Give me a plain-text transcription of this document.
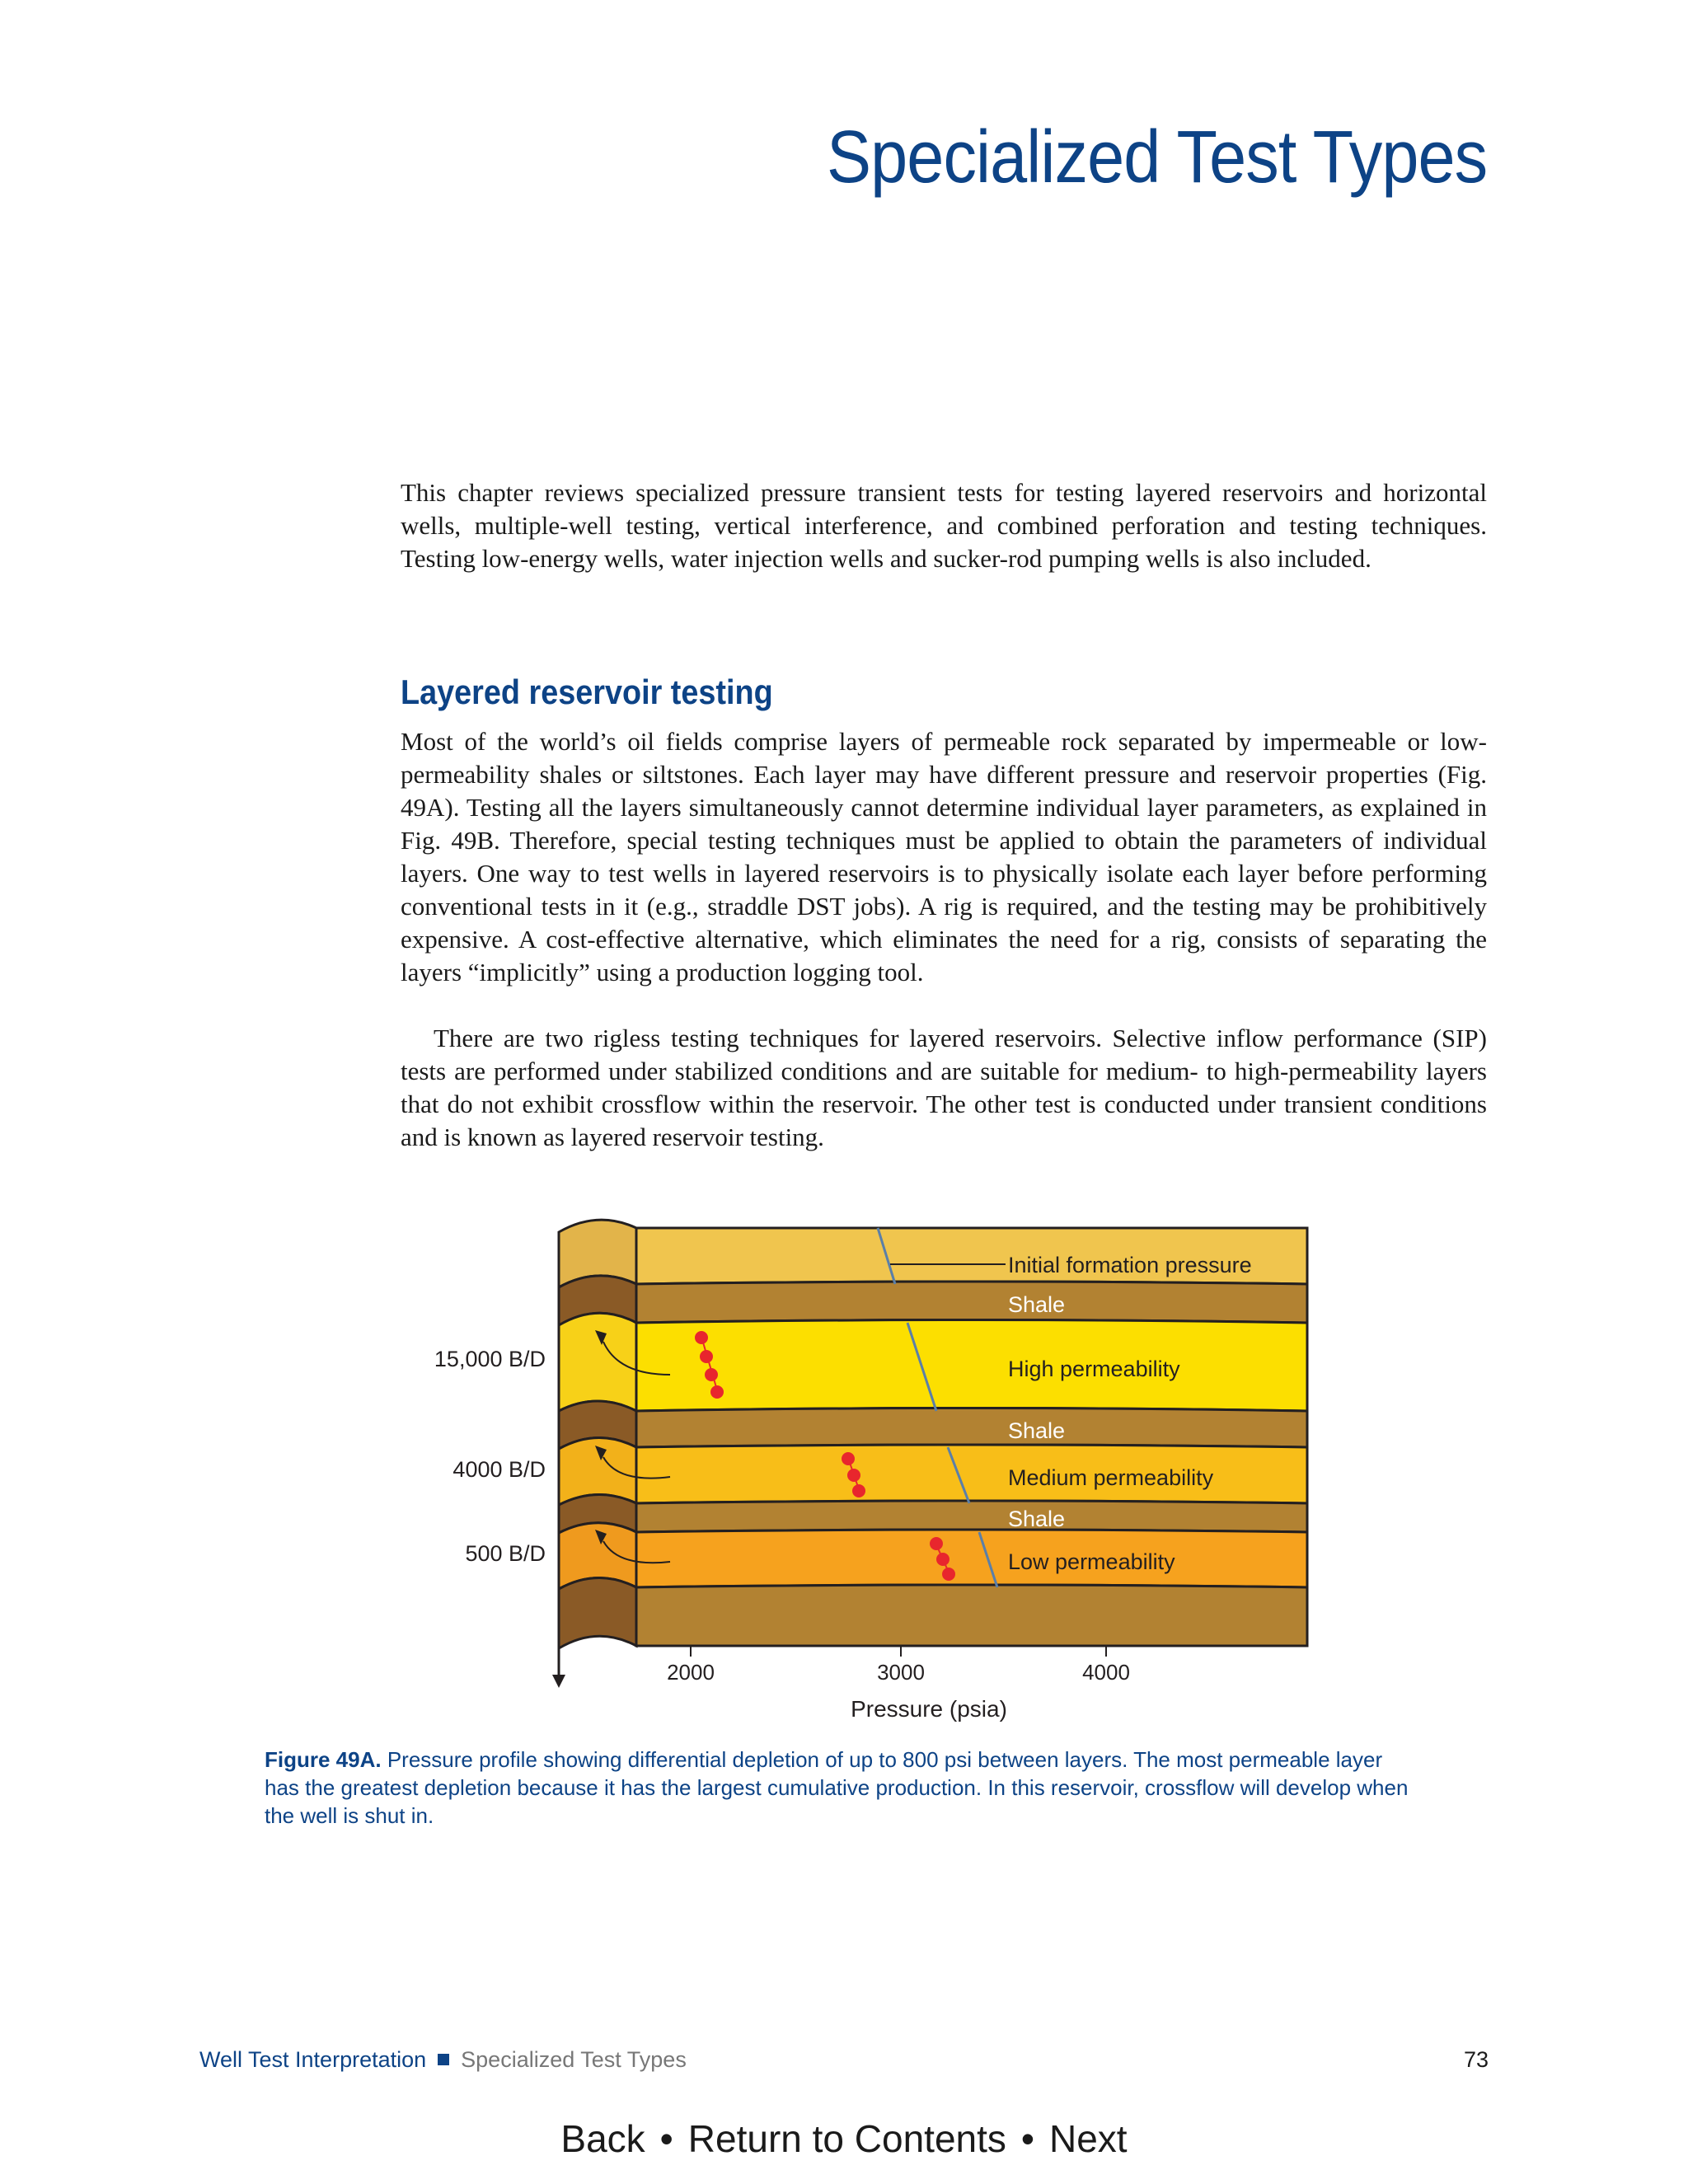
Specialized Test Types

This chapter reviews specialized pressure transient tests for testing layered reservoirs and horizontal wells, multiple-well testing, vertical interference, and combined perforation and testing techniques. Testing low-energy wells, water injection wells and sucker-rod pumping wells is also included.

Layered reservoir testing

Most of the world’s oil fields comprise layers of permeable rock separated by impermeable or low-permeability shales or siltstones. Each layer may have different pressure and reservoir properties (Fig. 49A). Testing all the layers simultaneously cannot determine individual layer parameters, as explained in Fig. 49B. Therefore, special testing techniques must be applied to obtain the parameters of individual layers. One way to test wells in layered reservoirs is to physically isolate each layer before performing conventional tests in it (e.g., straddle DST jobs). A rig is required, and the testing may be prohibitively expensive. A cost-effective alternative, which eliminates the need for a rig, consists of separating the layers “implicitly” using a production logging tool.

There are two rigless testing techniques for layered reservoirs. Selective inflow performance (SIP) tests are performed under stabilized conditions and are suitable for medium- to high-permeability layers that do not exhibit crossflow within the reservoir. The other test is conducted under transient conditions and is known as layered reservoir testing.

Initial formation pressure
Shale
High permeability
Shale
Medium permeability
Shale
Low permeability
15,000 B/D
4000 B/D
500 B/D
2000	3000	4000
Pressure (psia)

Figure 49A. Pressure profile showing differential depletion of up to 800 psi between layers. The most permeable layer has the greatest depletion because it has the largest cumulative production. In this reservoir, crossflow will develop when the well is shut in.

Well Test Interpretation Specialized Test Types	73
Back • Return to Contents • Next
